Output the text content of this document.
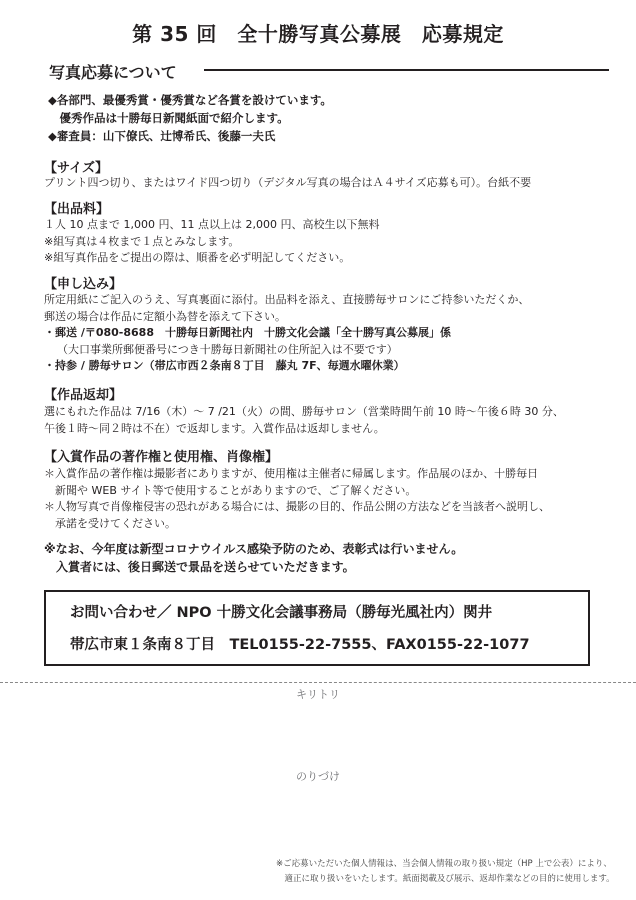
第 35 回　全十勝写真公募展　応募規定
写真応募について
◆各部門、最優秀賞・優秀賞など各賞を設けています。
　優秀作品は十勝毎日新聞紙面で紹介します。
◆審査員：山下僚氏、辻博希氏、後藤一夫氏
【サイズ】
プリント四つ切り、またはワイド四つ切り（デジタル写真の場合はＡ４サイズ応募も可）。台紙不要
【出品料】
１人 10 点まで 1,000 円、11 点以上は 2,000 円、高校生以下無料
※組写真は４枚まで１点とみなします。
※組写真作品をご提出の際は、順番を必ず明記してください。
【申し込み】
所定用紙にご記入のうえ、写真裏面に添付。出品料を添え、直接勝毎サロンにご持参いただくか、
郵送の場合は作品に定額小為替を添えて下さい。
・郵送 /〒080-8688　十勝毎日新聞社内　十勝文化会議「全十勝写真公募展」係
（大口事業所郵便番号につき十勝毎日新聞社の住所記入は不要です）
・持参 / 勝毎サロン（帯広市西２条南８丁目　藤丸 7F、毎週水曜休業）
【作品返却】
選にもれた作品は 7/16（木）～ 7 /21（火）の間、勝毎サロン（営業時間午前 10 時～午後６時 30 分、
午後１時～同２時は不在）で返却します。入賞作品は返却しません。
【入賞作品の著作権と使用権、肖像権】
＊入賞作品の著作権は撮影者にありますが、使用権は主催者に帰属します。作品展のほか、十勝毎日
　新聞や WEB サイト等で使用することがありますので、ご了解ください。
＊人物写真で肖像権侵害の恐れがある場合には、撮影の目的、作品公開の方法などを当該者へ説明し、
　承諾を受けてください。
※なお、今年度は新型コロナウイルス感染予防のため、表彰式は行いません。
　入賞者には、後日郵送で景品を送らせていただきます。
お問い合わせ／ NPO 十勝文化会議事務局（勝毎光風社内）関井
帯広市東１条南８丁目　TEL0155-22-7555、FAX0155-22-1077
キリトリ
のりづけ
※ご応募いただいた個人情報は、当会個人情報の取り扱い規定（HP 上で公表）により、
　適正に取り扱いをいたします。紙面掲載及び展示、返却作業などの目的に使用します。
